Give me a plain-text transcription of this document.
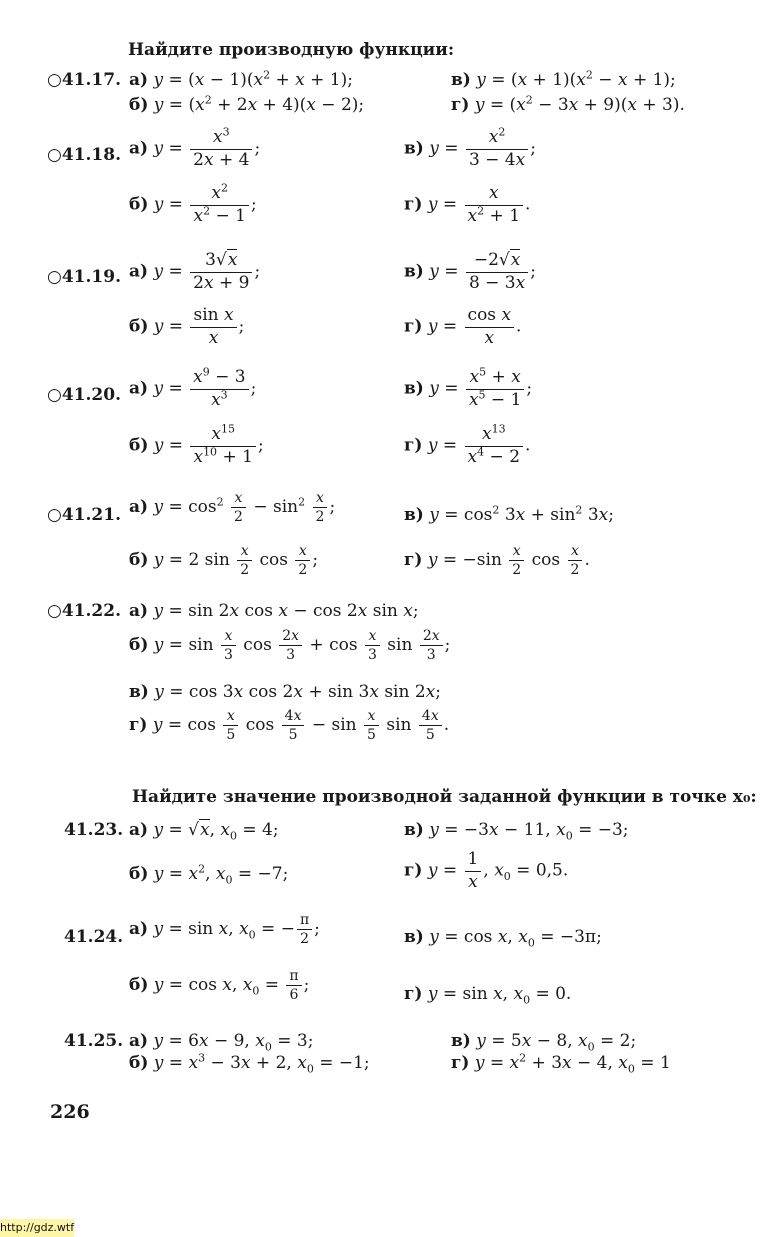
Найдите производную функции:
○41.17. а) $y = (x - 1)(x^2 + x + 1)$;	в) $y = (x + 1)(x^2 - x + 1)$;
б) $y = (x^2 + 2x + 4)(x - 2)$;	г) $y = (x^2 - 3x + 9)(x + 3)$.
○41.18. а) $y = \frac{x^3}{2x + 4}$ ;	в) $y = \frac{x^2}{3 - 4x}$ ;
б) $y = \frac{x^2}{x^2 - 1}$ ;	г) $y = \frac{x}{x^2 + 1}$ .
○41.19. а) $y = \frac{3√x}{2x + 9}$ ;	в) $y = \frac{-2√x}{8 - 3x}$ ;
б) $y = \frac{\text{sin x}}{x}$ ;	г) $y = \frac{\text{cos x}}{x}$ .
○41.20. а) $y = \frac{x^9 - 3}{x^3}$ ;	в) $y = \frac{x^5 + x}{x^5 - 1}$ ;
б) $y = \frac{x^{15}}{x^{10} + 1}$ ;	г) $y = \frac{x^{13}}{x^4 - 2}$ .
○41.21. а) $y = \cos^2 \frac{x}{2} - \sin^2 \frac{x}{2}$ ;	в) $y = \cos^2 3x + \sin^2 3x$;
б) y = 2 $\sin \frac{x}{2}$ $\cos \frac{x}{2}$ ;	г) $y = -\sin \frac{x}{2}$ $\cos \frac{x}{2}$ .
○41.22. а) y = sin 2x cos x − cos 2x sin x;
б) $y = \sin \frac{x}{3}$ $\cos \frac{2x}{3} + \cos \frac{x}{3}$ $\sin \frac{2x}{3}$ ;
в) y = cos 3x cos 2x + sin 3x sin 2x;
г) $y = \cos \frac{x}{5}$ $\cos \frac{4x}{5} - \sin \frac{x}{5}$ $\sin \frac{4x}{5}$ .
Найдите значение производной заданной функции в точке x₀:
41.23. а) y = √x, $x_0 = 4$;	в) y = −3x − 11, $x_0 = -3$;
б) $y = x^2$, $x_0 = -7$;	г) $y = \frac{1}{x}$ , $x_0 = 0,5$.
41.24. а) y = sin x, $x_0$ = − $\frac{\pi}{2}$ ;	в) y = cos x, $x_0 = -3\pi$;
б) y = cos x, $x_0 = \frac{\pi}{6}$ ;	г) y = sin x, $x_0 = 0$.
41.25. а) y = 6x − 9, $x_0 = 3$;	в) y = 5x − 8, $x_0 = 2$;
б) $y = x^3 - 3x + 2$, $x_0 = -1$;	г) $y = x^2 + 3x - 4$, $x_0 = 1$
226
http://gdz.wtf
